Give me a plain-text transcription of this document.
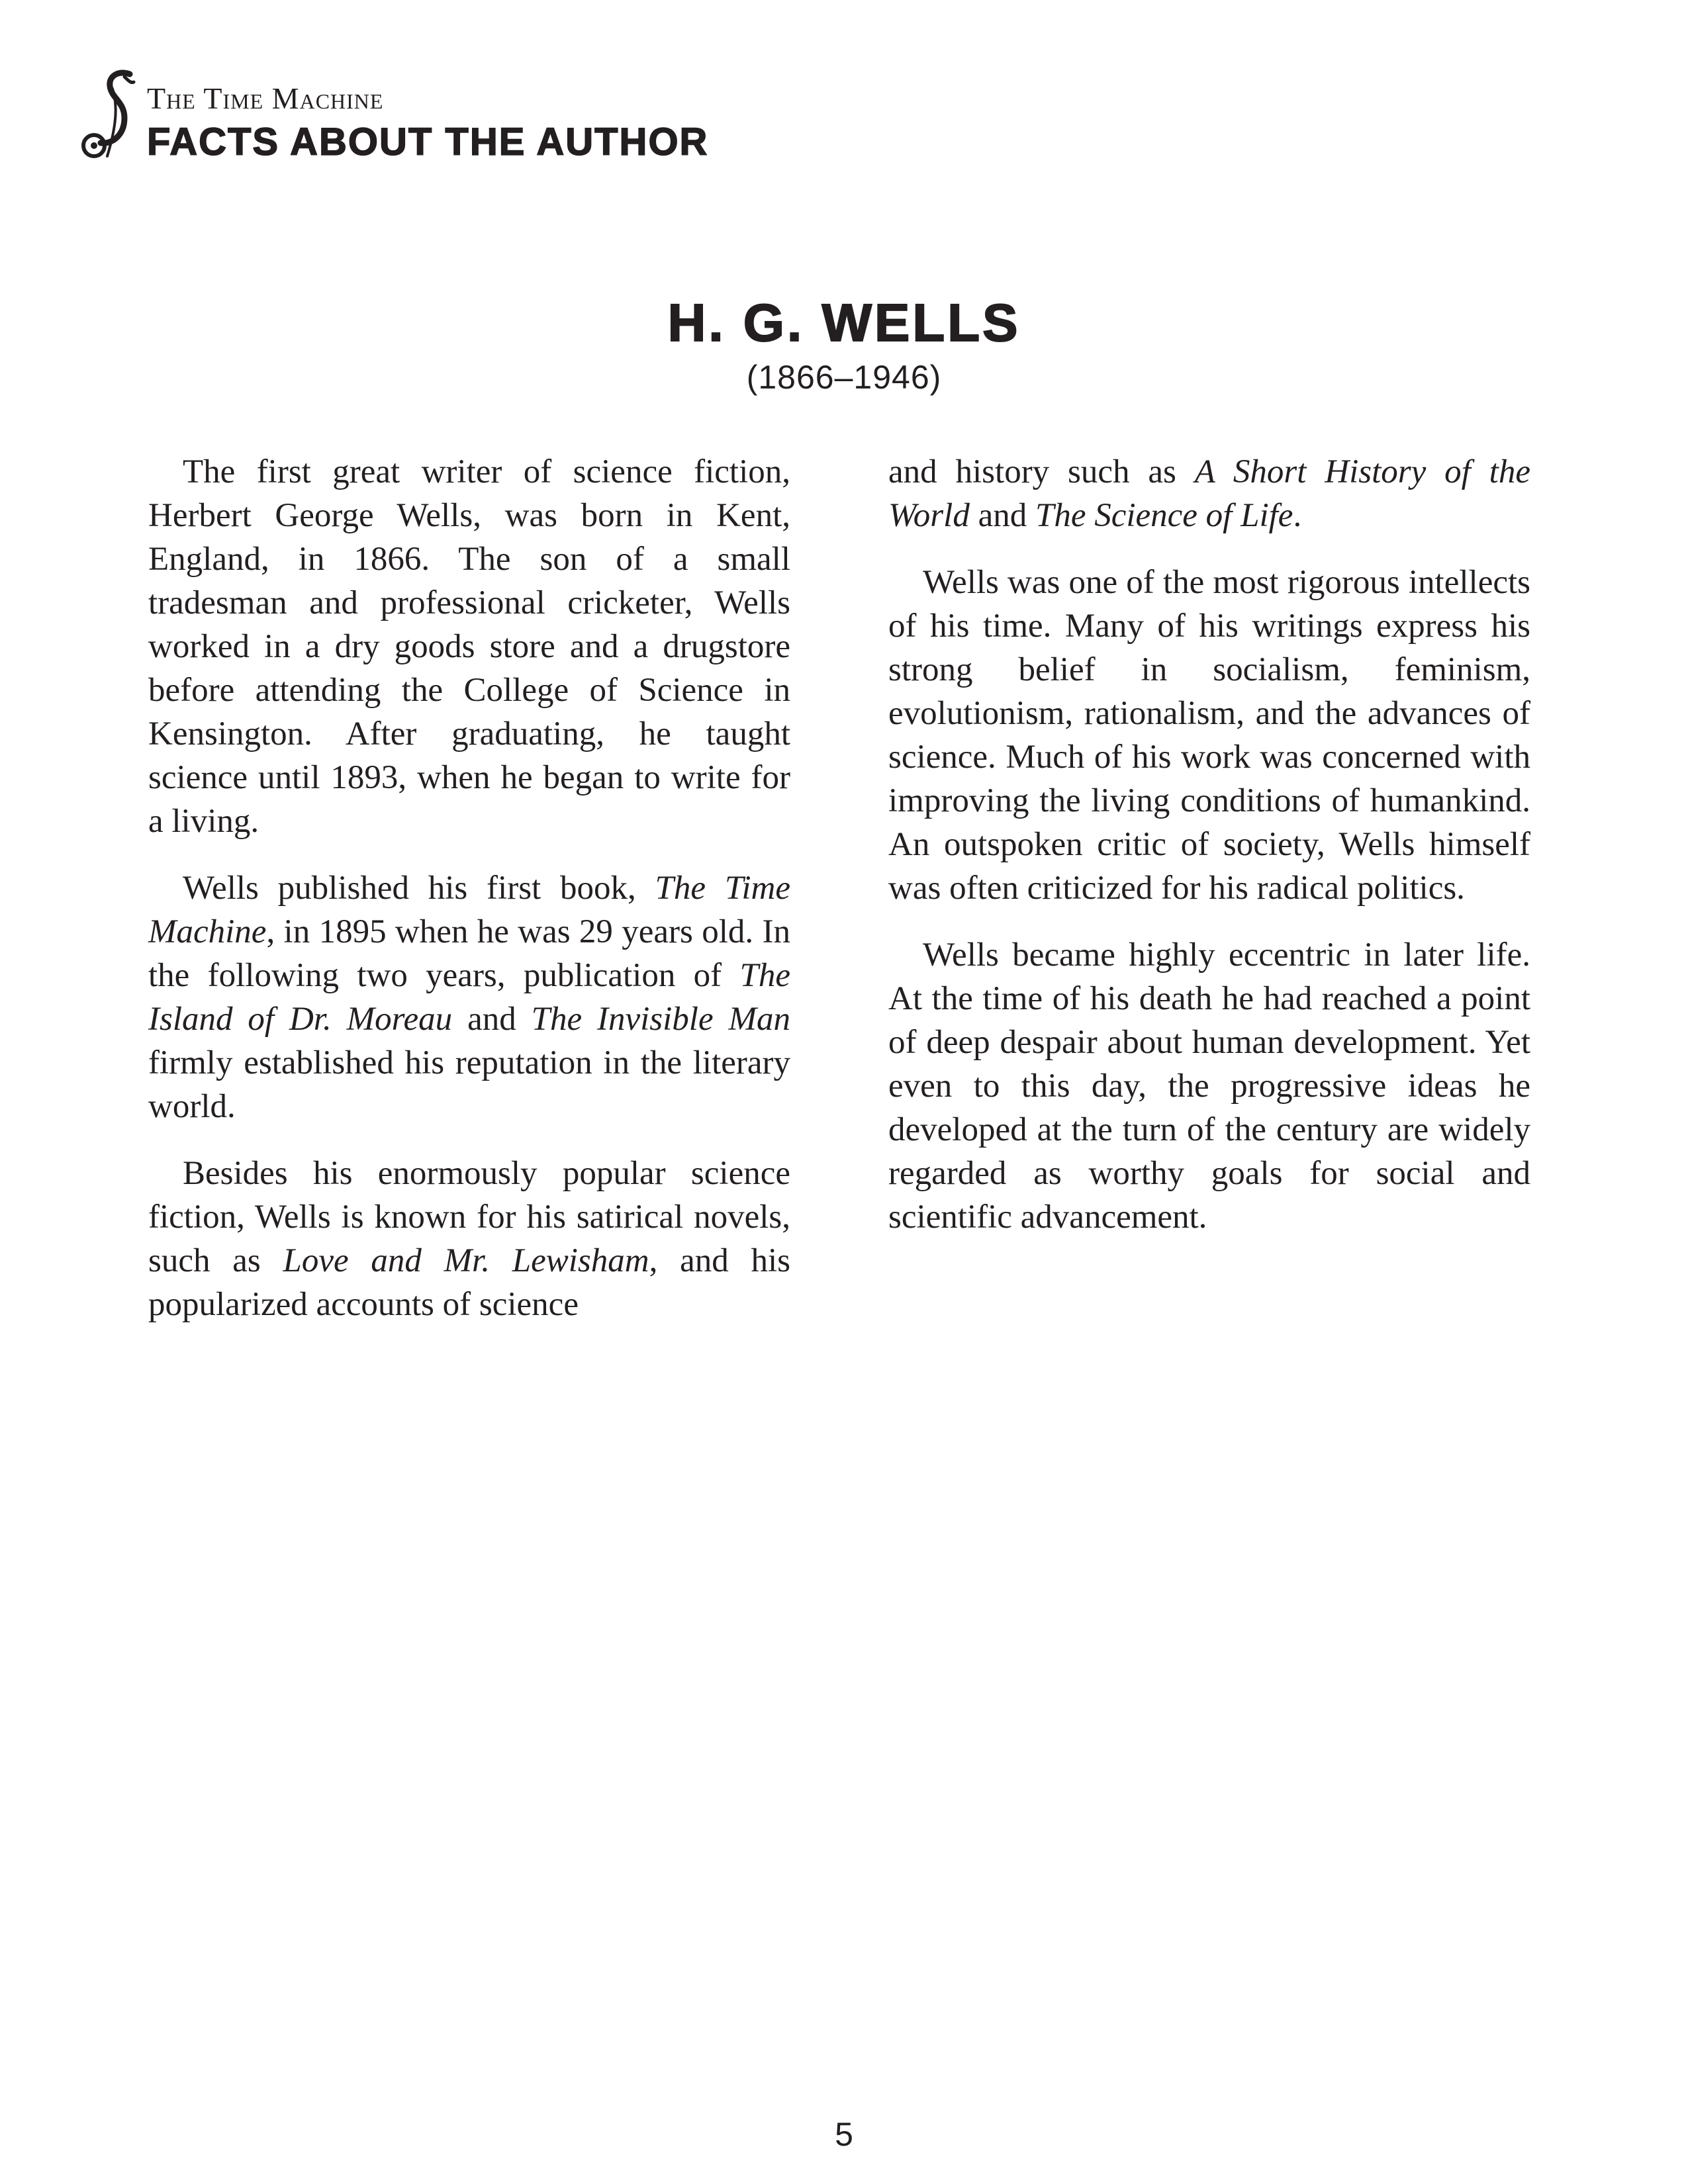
The Time Machine
FACTS ABOUT THE AUTHOR
H. G. WELLS
(1866–1946)

The first great writer of science fiction, Herbert George Wells, was born in Kent, England, in 1866. The son of a small tradesman and professional cricketer, Wells worked in a dry goods store and a drugstore before attending the College of Science in Kensington. After graduating, he taught science until 1893, when he began to write for a living.

Wells published his first book, The Time Machine, in 1895 when he was 29 years old. In the following two years, publication of The Island of Dr. Moreau and The Invisible Man firmly established his reputation in the literary world.

Besides his enormously popular science fiction, Wells is known for his satirical novels, such as Love and Mr. Lewisham, and his popularized accounts of science

and history such as A Short History of the World and The Science of Life.

Wells was one of the most rigorous intellects of his time. Many of his writings express his strong belief in socialism, feminism, evolutionism, rationalism, and the advances of science. Much of his work was concerned with improving the living conditions of humankind. An outspoken critic of society, Wells himself was often criticized for his radical politics.

Wells became highly eccentric in later life. At the time of his death he had reached a point of deep despair about human development. Yet even to this day, the progressive ideas he developed at the turn of the century are widely regarded as worthy goals for social and scientific advancement.

5
